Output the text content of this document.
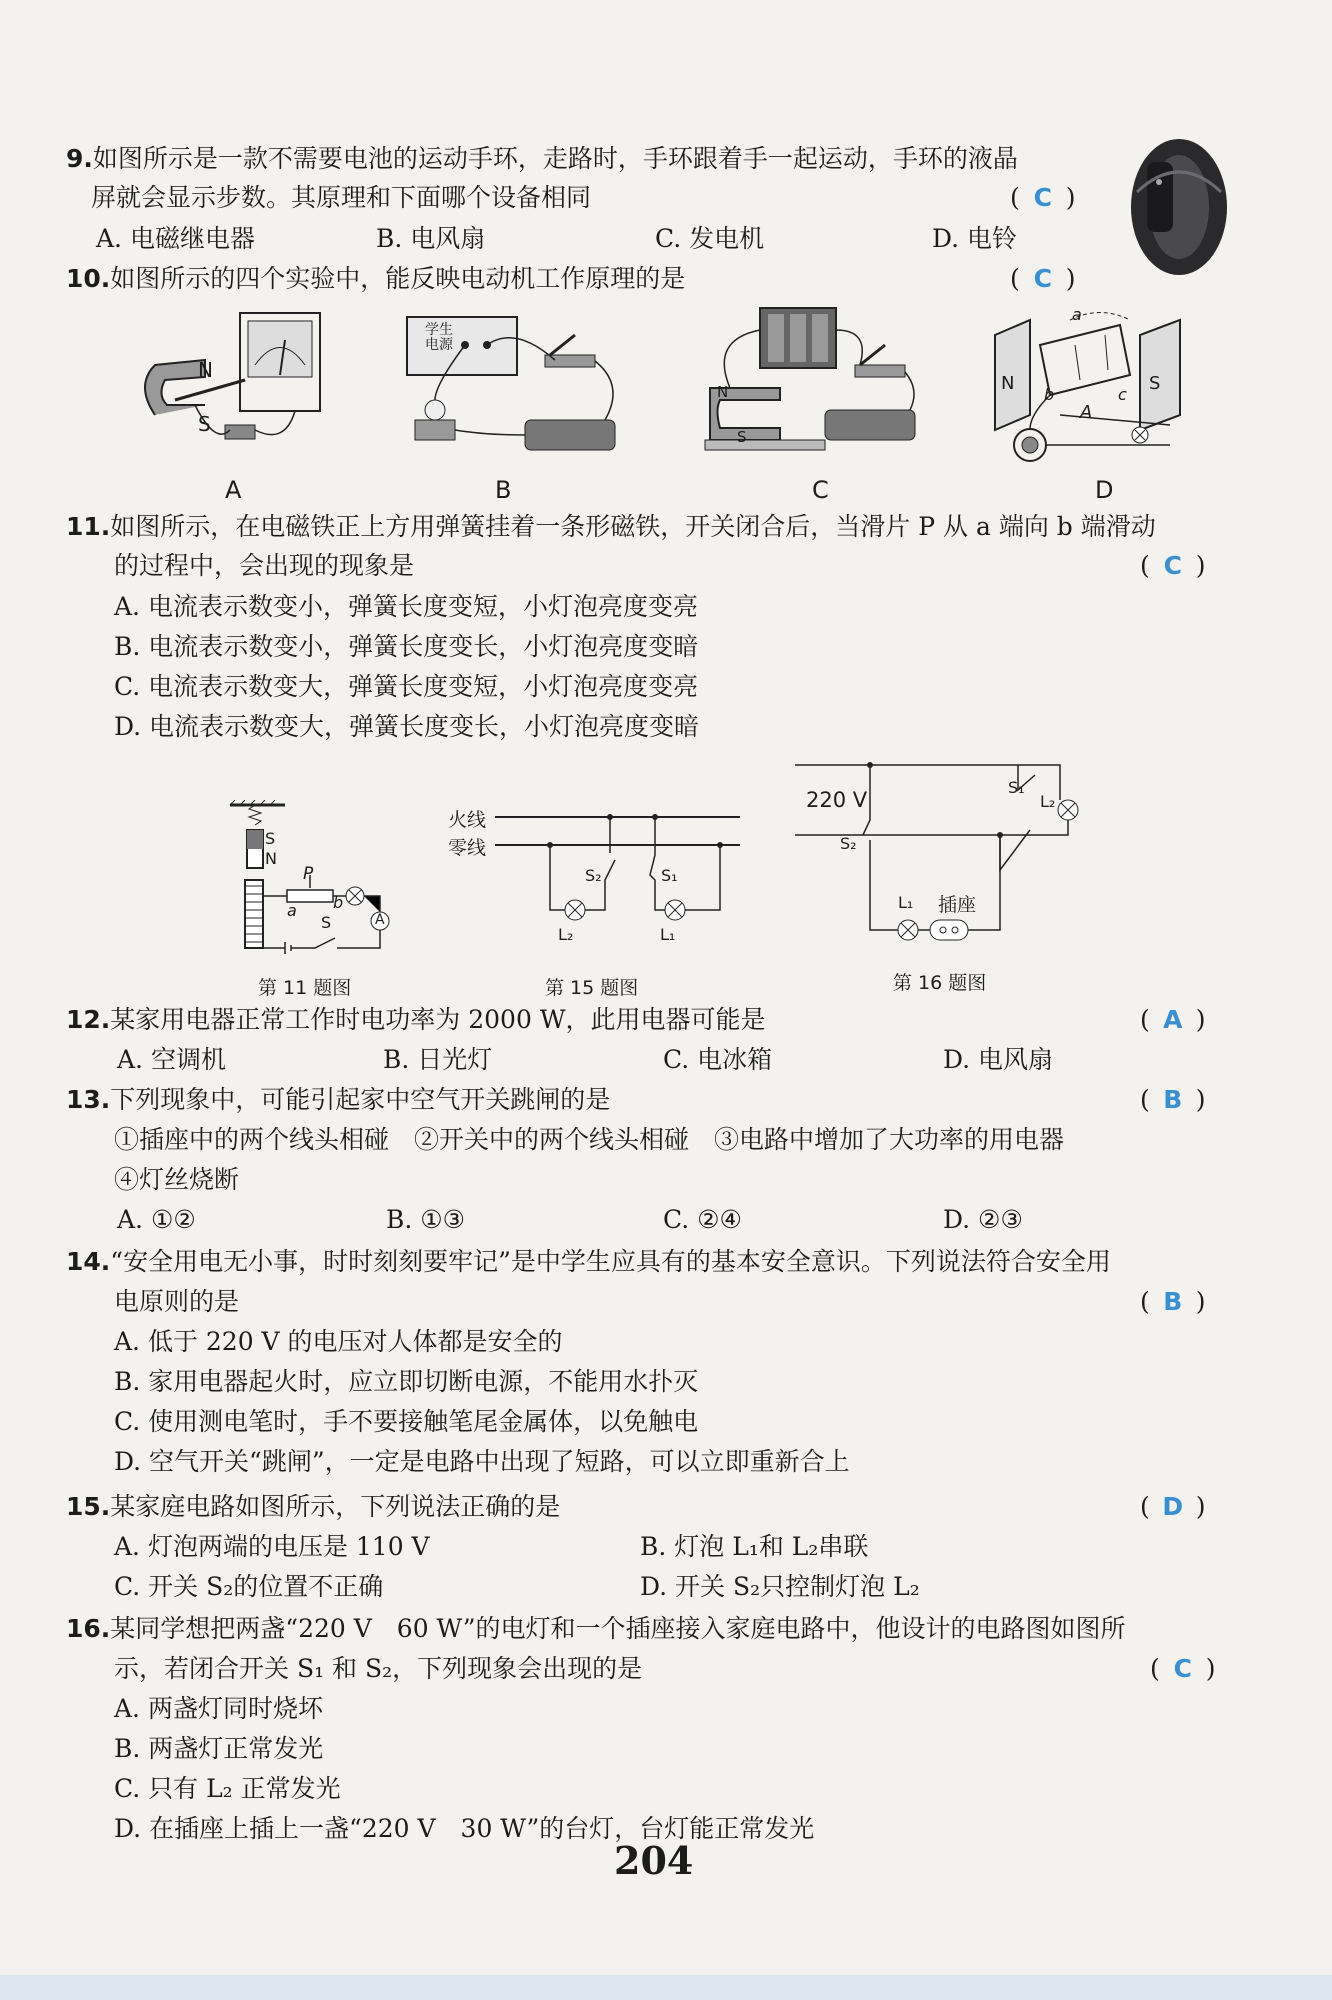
9.如图所示是一款不需要电池的运动手环，走路时，手环跟着手一起运动，手环的液晶
屏就会显示步数。其原理和下面哪个设备相同	( C )
A. 电磁继电器	B. 电风扇	C. 发电机	D. 电铃
10.如图所示的四个实验中，能反映电动机工作原理的是	( C )
N
S
A
学生电源
B
N
S
C
N	S
a
b	c
A
D
11.如图所示，在电磁铁正上方用弹簧挂着一条形磁铁，开关闭合后，当滑片 P 从 a 端向 b 端滑动
的过程中，会出现的现象是	( C )
A. 电流表示数变小，弹簧长度变短，小灯泡亮度变亮
B. 电流表示数变小，弹簧长度变长，小灯泡亮度变暗
C. 电流表示数变大，弹簧长度变短，小灯泡亮度变亮
D. 电流表示数变大，弹簧长度变长，小灯泡亮度变暗
S
N
P
a b
S	A
第 11 题图
火线
零线
S₂	S₁
L₂	L₁
第 15 题图
220 V
S₁
L₂
S₂
L₁ 插座
第 16 题图
12.某家用电器正常工作时电功率为 2000 W，此用电器可能是	( A )
A. 空调机	B. 日光灯	C. 电冰箱	D. 电风扇
13.下列现象中，可能引起家中空气开关跳闸的是	( B )
①插座中的两个线头相碰　②开关中的两个线头相碰　③电路中增加了大功率的用电器
④灯丝烧断
A. ①②	B. ①③	C. ②④	D. ②③
14.“安全用电无小事，时时刻刻要牢记”是中学生应具有的基本安全意识。下列说法符合安全用
电原则的是	( B )
A. 低于 220 V 的电压对人体都是安全的
B. 家用电器起火时，应立即切断电源，不能用水扑灭
C. 使用测电笔时，手不要接触笔尾金属体，以免触电
D. 空气开关“跳闸”，一定是电路中出现了短路，可以立即重新合上
15.某家庭电路如图所示，下列说法正确的是	( D )
A. 灯泡两端的电压是 110 V	B. 灯泡 L₁和 L₂串联
C. 开关 S₂的位置不正确	D. 开关 S₂只控制灯泡 L₂
16.某同学想把两盏“220 V　60 W”的电灯和一个插座接入家庭电路中，他设计的电路图如图所
示，若闭合开关 S₁ 和 S₂，下列现象会出现的是	( C )
A. 两盏灯同时烧坏
B. 两盏灯正常发光
C. 只有 L₂ 正常发光
D. 在插座上插上一盏“220 V　30 W”的台灯，台灯能正常发光
204
